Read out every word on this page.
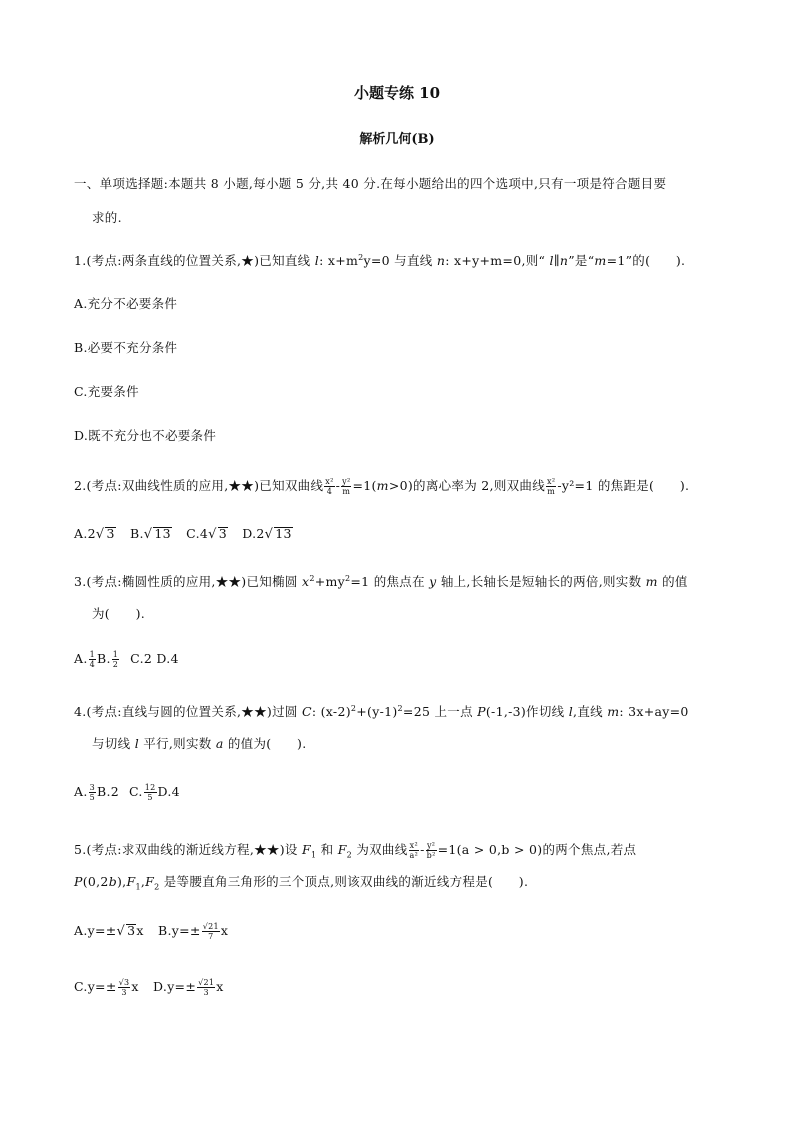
小题专练 10
解析几何(B)
一、单项选择题:本题共 8 小题,每小题 5 分,共 40 分.在每小题给出的四个选项中,只有一项是符合题目要
求的.
1.(考点:两条直线的位置关系,★)已知直线 l: $x+m^2y=0$ 与直线 n: x+y+m=0,则“ l∥n”是“m=1”的(　　).
A.充分不必要条件
B.必要不充分条件
C.充要条件
D.既不充分也不必要条件
2.(考点:双曲线性质的应用,★★)已知双曲线 $\frac{\text{x²}}{4} - \frac{\text{y²}}{m} =1(m>0)$的离心率为 2,则双曲线 $\frac{\text{x²}}{m} -y^2=1$ 的焦距是(　　).
A.2√ 3 B.√ 13 C.4√ 3 D.2√ 13
3.(考点:椭圆性质的应用,★★)已知椭圆 $x^2+my^2=1$ 的焦点在 y 轴上,长轴长是短轴长的两倍,则实数 m 的值
为(　　).
A. $\frac{1}{4} B$. $\frac{1}{2} C.2$ D.4
4.(考点:直线与圆的位置关系,★★)过圆 C: $(x-2)^2+(y-1)^2=25$ 上一点 P(-1,-3)作切线 l,直线 m: 3x+ay=0
与切线 l 平行,则实数 a 的值为(　　).
A. $\frac{3}{5} B.2$ C. $\frac{12}{5} D.4$
5.(考点:求双曲线的渐近线方程,★★)设 $F_1$ 和 $F_2$ 为双曲线 $\frac{\text{x²}}{\text{a²}} - \frac{\text{y²}}{\text{b²}} =1(a > 0,b > 0)$的两个焦点,若点
$P(0,2b),F_1,F_2$ 是等腰直角三角形的三个顶点,则该双曲线的渐近线方程是(　　).
A.y=±√ 3x $B.y=\pm \frac{√21}{7}$ x
$C.y=\pm \frac{√3}{3}$ x $D.y=\pm \frac{√21}{3}$ x
